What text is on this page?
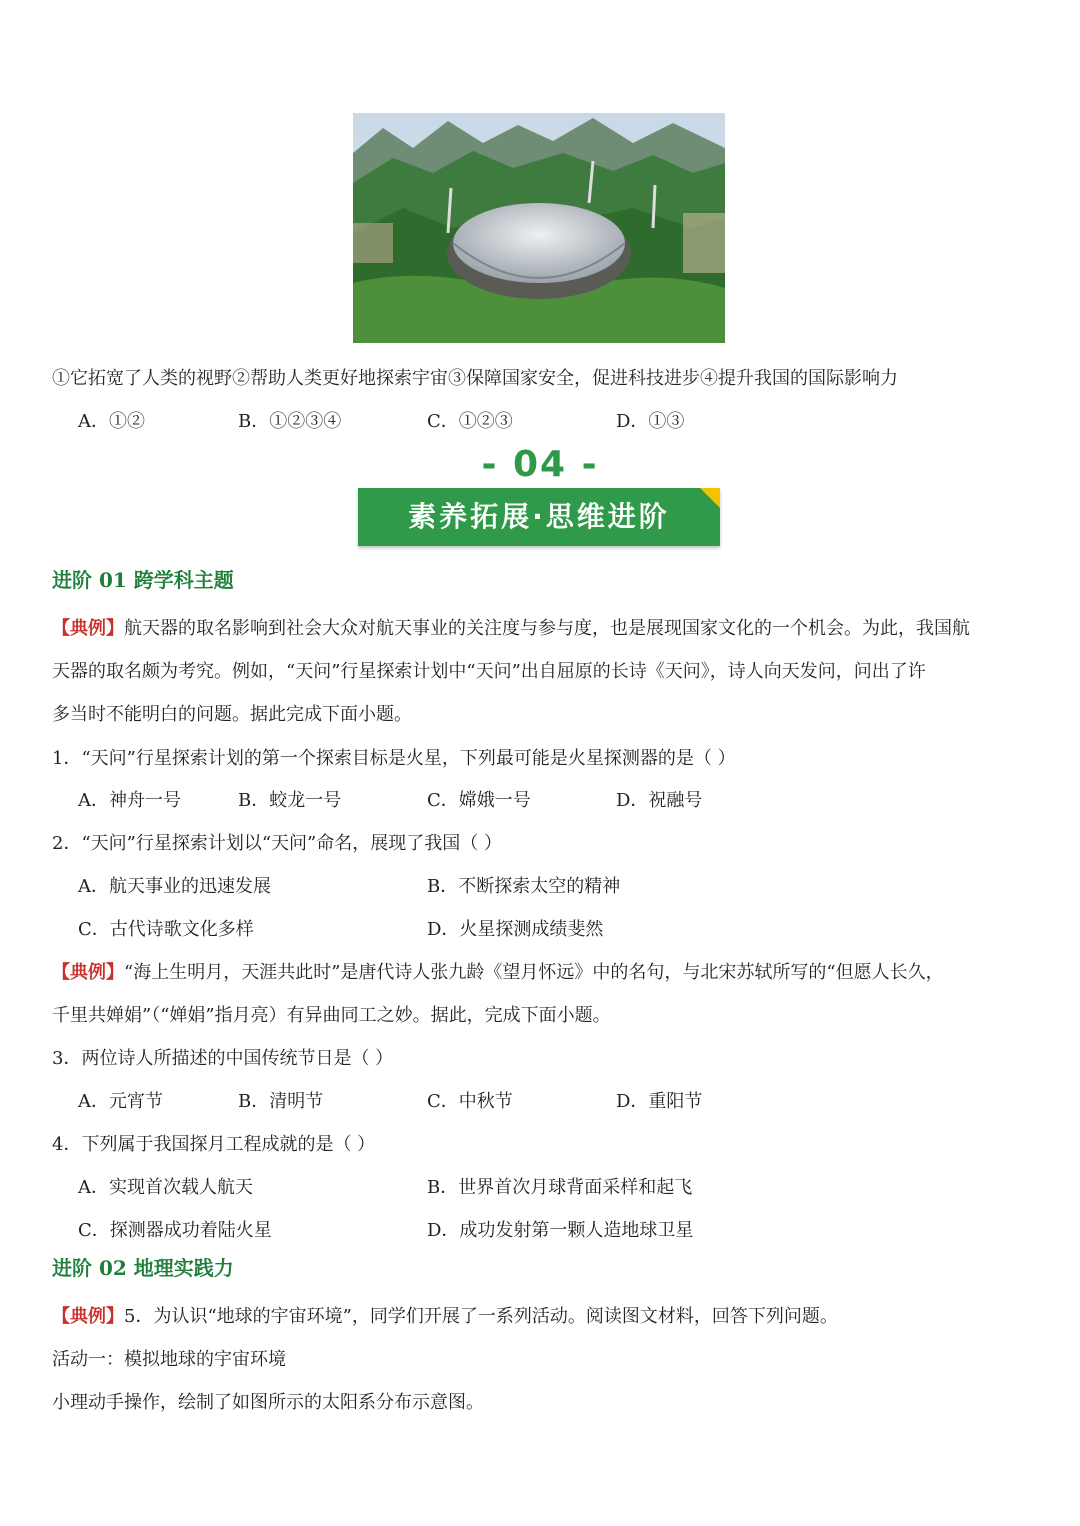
①它拓宽了人类的视野②帮助人类更好地探索宇宙③保障国家安全，促进科技进步④提升我国的国际影响力
A．①②	B．①②③④	C．①②③	D．①③
- 04 -
素养拓展·思维进阶
进阶 01 跨学科主题
【典例】航天器的取名影响到社会大众对航天事业的关注度与参与度，也是展现国家文化的一个机会。为此，我国航
天器的取名颇为考究。例如，“天问”行星探索计划中“天问”出自屈原的长诗《天问》，诗人向天发问，问出了许
多当时不能明白的问题。据此完成下面小题。
1．“天问”行星探索计划的第一个探索目标是火星，下列最可能是火星探测器的是（ ）
A．神舟一号	B．蛟龙一号	C．嫦娥一号	D．祝融号
2．“天问”行星探索计划以“天问”命名，展现了我国（ ）
A．航天事业的迅速发展	B．不断探索太空的精神
C．古代诗歌文化多样	D．火星探测成绩斐然
【典例】“海上生明月，天涯共此时”是唐代诗人张九龄《望月怀远》中的名句，与北宋苏轼所写的“但愿人长久，
千里共婵娟”（“婵娟”指月亮）有异曲同工之妙。据此，完成下面小题。
3．两位诗人所描述的中国传统节日是（ ）
A．元宵节	B．清明节	C．中秋节	D．重阳节
4．下列属于我国探月工程成就的是（ ）
A．实现首次载人航天	B．世界首次月球背面采样和起飞
C．探测器成功着陆火星	D．成功发射第一颗人造地球卫星
进阶 02 地理实践力
【典例】5．为认识“地球的宇宙环境”，同学们开展了一系列活动。阅读图文材料，回答下列问题。
活动一：模拟地球的宇宙环境
小理动手操作，绘制了如图所示的太阳系分布示意图。
